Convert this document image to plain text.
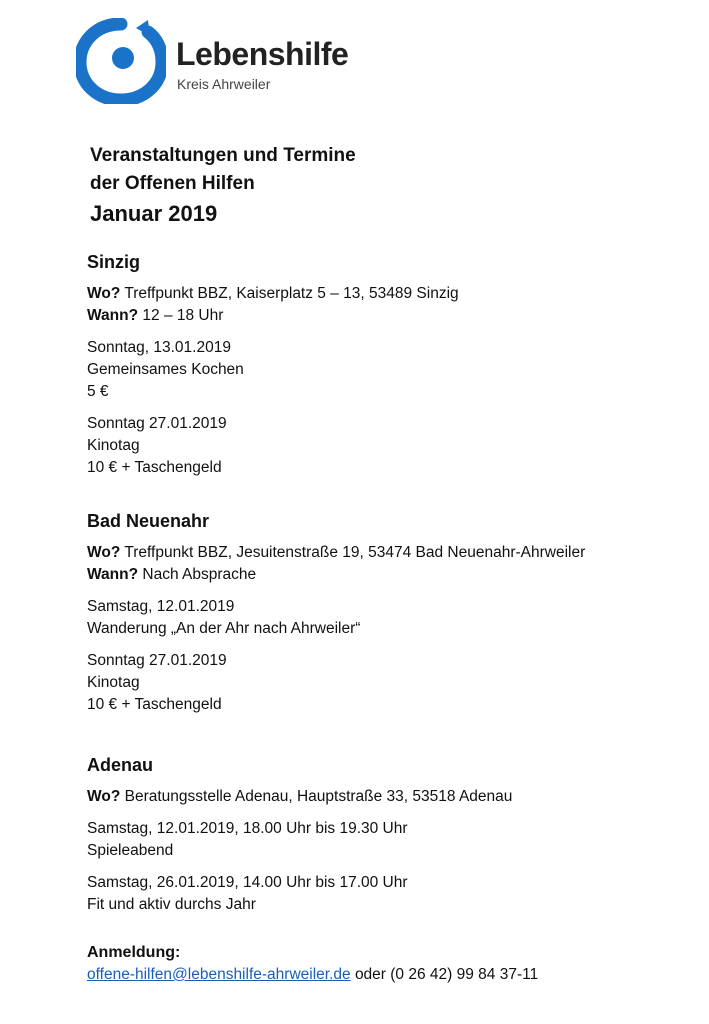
Lebenshilfe
Kreis Ahrweiler
Veranstaltungen und Termine
der Offenen Hilfen
Januar 2019
Sinzig
Wo? Treffpunkt BBZ, Kaiserplatz 5 – 13, 53489 Sinzig
Wann? 12 – 18 Uhr
Sonntag, 13.01.2019
Gemeinsames Kochen
5 €
Sonntag 27.01.2019
Kinotag
10 € + Taschengeld
Bad Neuenahr
Wo? Treffpunkt BBZ, Jesuitenstraße 19, 53474 Bad Neuenahr-Ahrweiler
Wann? Nach Absprache
Samstag, 12.01.2019
Wanderung „An der Ahr nach Ahrweiler“
Sonntag 27.01.2019
Kinotag
10 € + Taschengeld
Adenau
Wo? Beratungsstelle Adenau, Hauptstraße 33, 53518 Adenau
Samstag, 12.01.2019, 18.00 Uhr bis 19.30 Uhr
Spieleabend
Samstag, 26.01.2019, 14.00 Uhr bis 17.00 Uhr
Fit und aktiv durchs Jahr
Anmeldung:
offene-hilfen@lebenshilfe-ahrweiler.de oder (0 26 42) 99 84 37-11
